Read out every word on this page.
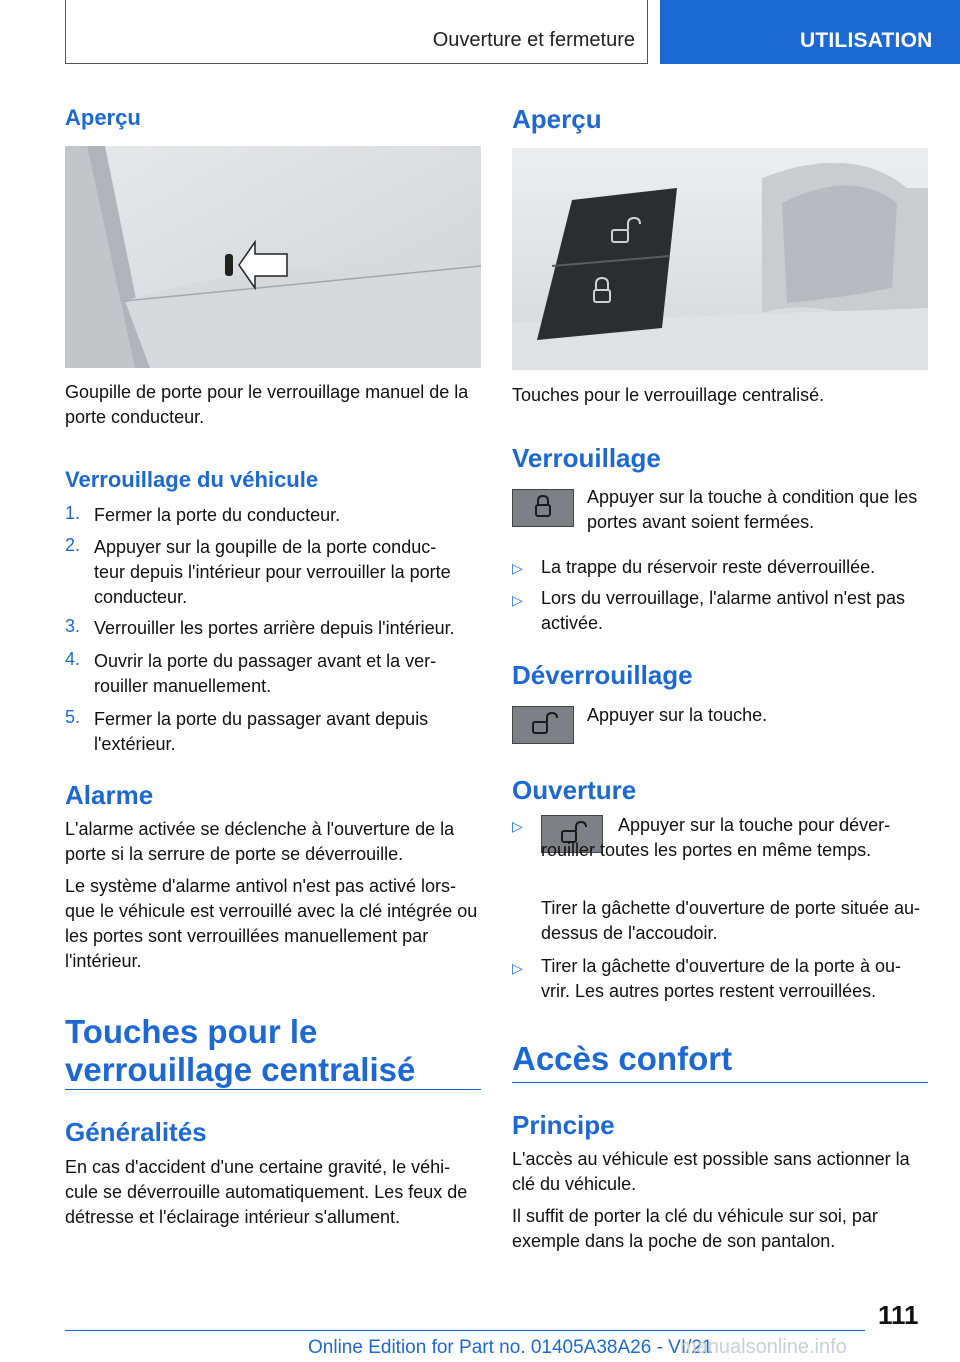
Ouverture et fermeture	UTILISATION
Aperçu
Goupille de porte pour le verrouillage manuel de la porte conducteur.
Verrouillage du véhicule
1. Fermer la porte du conducteur.
2. Appuyer sur la goupille de la porte conduc‐teur depuis l'intérieur pour verrouiller la porte conducteur.
3. Verrouiller les portes arrière depuis l'intérieur.
4. Ouvrir la porte du passager avant et la ver‐rouiller manuellement.
5. Fermer la porte du passager avant depuis l'extérieur.
Alarme
L'alarme activée se déclenche à l'ouverture de la porte si la serrure de porte se déverrouille.
Le système d'alarme antivol n'est pas activé lors‐que le véhicule est verrouillé avec la clé intégrée ou les portes sont verrouillées manuellement par l'intérieur.
Touches pour le verrouillage centralisé
Généralités
En cas d'accident d'une certaine gravité, le véhi‐cule se déverrouille automatiquement. Les feux de détresse et l'éclairage intérieur s'allument.
Aperçu
Touches pour le verrouillage centralisé.
Verrouillage
Appuyer sur la touche à condition que les portes avant soient fermées.
▷ La trappe du réservoir reste déverrouillée.
▷ Lors du verrouillage, l'alarme antivol n'est pas activée.
Déverrouillage
Appuyer sur la touche.
Ouverture
▷	Appuyer sur la touche pour déver‐rouiller toutes les portes en même temps.
Tirer la gâchette d'ouverture de porte située au-dessus de l'accoudoir.
▷ Tirer la gâchette d'ouverture de la porte à ou‐vrir. Les autres portes restent verrouillées.
Accès confort
Principe
L'accès au véhicule est possible sans actionner la clé du véhicule.
Il suffit de porter la clé du véhicule sur soi, par exemple dans la poche de son pantalon.
111
Online Edition for Part no. 01405A38A26 - VI/21
manualsonline.info
